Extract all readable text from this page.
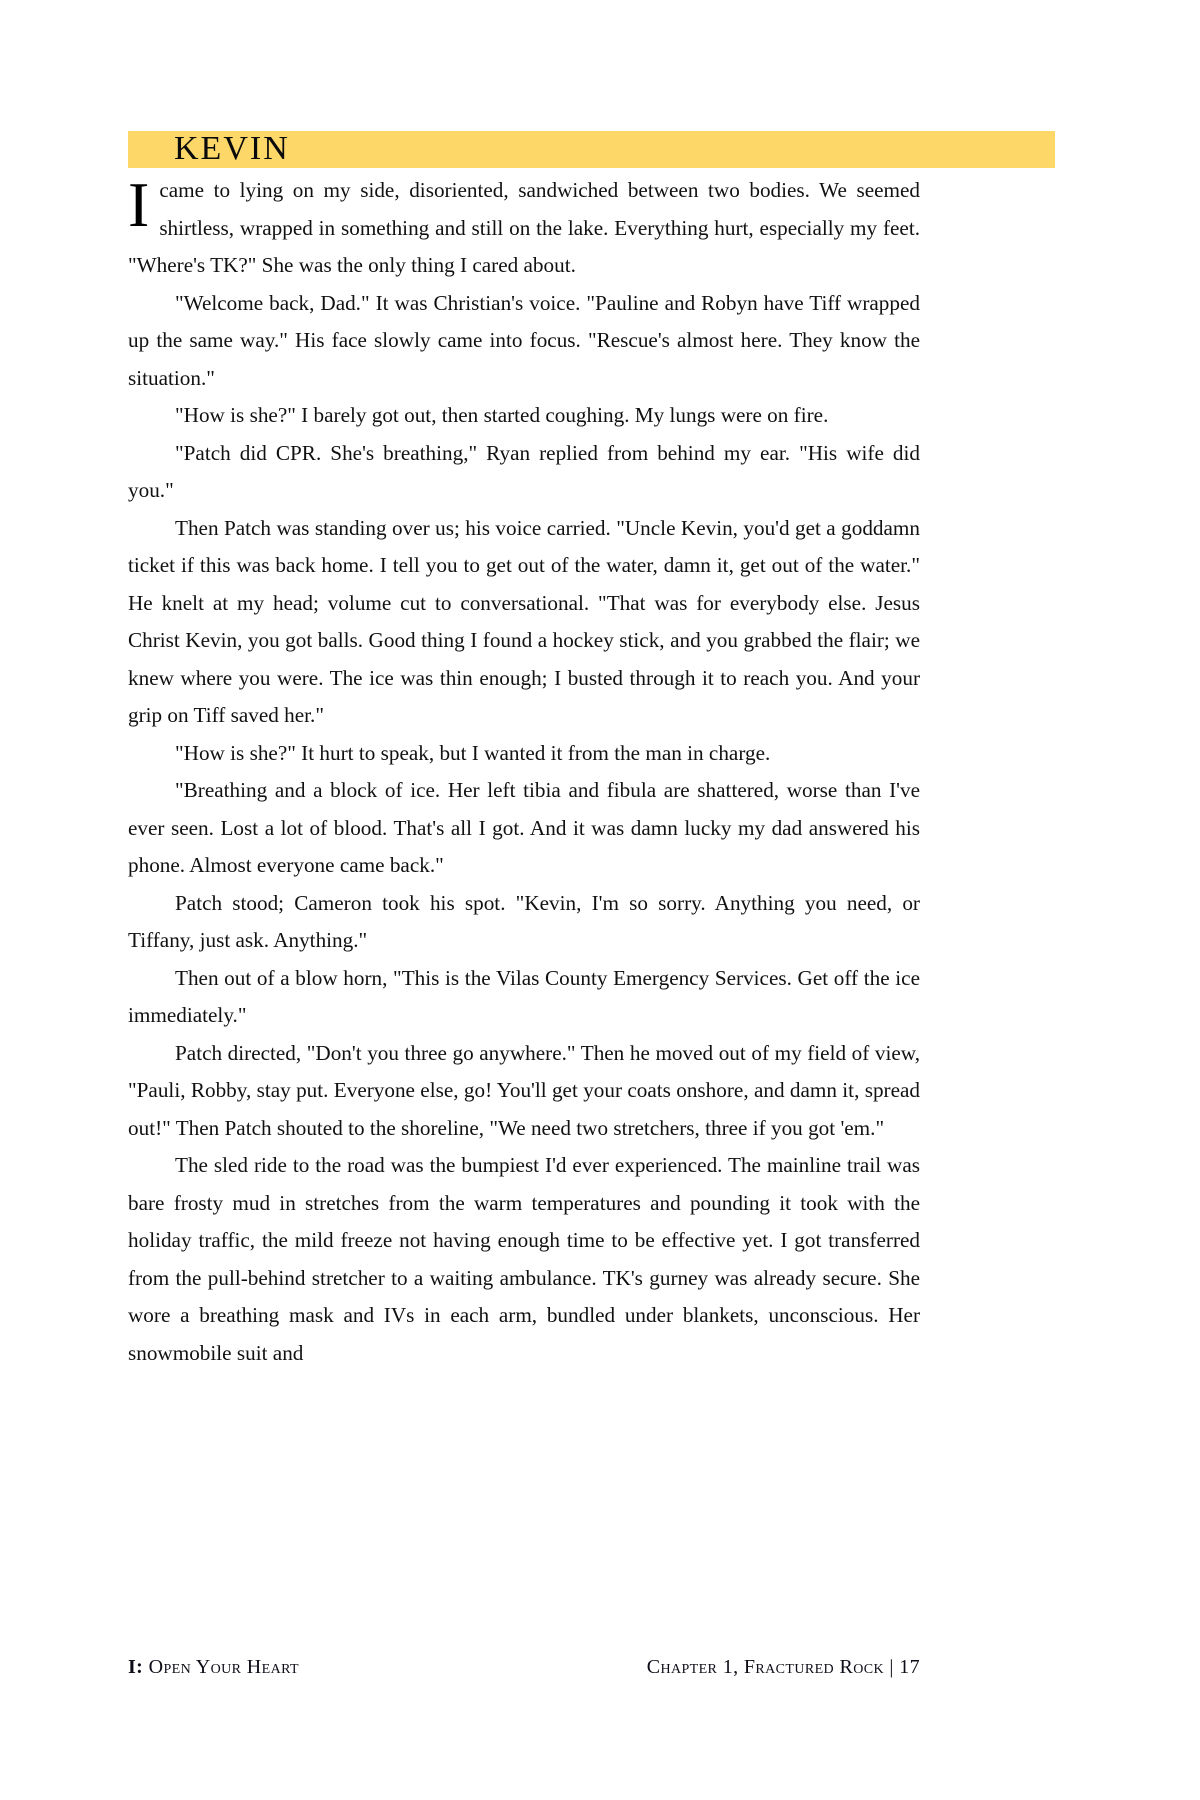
KEVIN

Icame to lying on my side, disoriented, sandwiched between two bodies. We seemed shirtless, wrapped in something and still on the lake. Everything hurt, especially my feet. "Where's TK?" She was the only thing I cared about.

"Welcome back, Dad." It was Christian's voice. "Pauline and Robyn have Tiff wrapped up the same way." His face slowly came into focus. "Rescue's almost here. They know the situation."

"How is she?" I barely got out, then started coughing. My lungs were on fire.

"Patch did CPR. She's breathing," Ryan replied from behind my ear. "His wife did you."

Then Patch was standing over us; his voice carried. "Uncle Kevin, you'd get a goddamn ticket if this was back home. I tell you to get out of the water, damn it, get out of the water." He knelt at my head; volume cut to conversational. "That was for everybody else. Jesus Christ Kevin, you got balls. Good thing I found a hockey stick, and you grabbed the flair; we knew where you were. The ice was thin enough; I busted through it to reach you. And your grip on Tiff saved her."

"How is she?" It hurt to speak, but I wanted it from the man in charge.

"Breathing and a block of ice. Her left tibia and fibula are shattered, worse than I've ever seen. Lost a lot of blood. That's all I got. And it was damn lucky my dad answered his phone. Almost everyone came back."

Patch stood; Cameron took his spot. "Kevin, I'm so sorry. Anything you need, or Tiffany, just ask. Anything."

Then out of a blow horn, "This is the Vilas County Emergency Services. Get off the ice immediately."

Patch directed, "Don't you three go anywhere." Then he moved out of my field of view, "Pauli, Robby, stay put. Everyone else, go! You'll get your coats onshore, and damn it, spread out!" Then Patch shouted to the shoreline, "We need two stretchers, three if you got 'em."

The sled ride to the road was the bumpiest I'd ever experienced. The mainline trail was bare frosty mud in stretches from the warm temperatures and pounding it took with the holiday traffic, the mild freeze not having enough time to be effective yet. I got transferred from the pull-behind stretcher to a waiting ambulance. TK's gurney was already secure. She wore a breathing mask and IVs in each arm, bundled under blankets, unconscious. Her snowmobile suit and

I: Open Your Heart	Chapter 1, Fractured Rock | 17
